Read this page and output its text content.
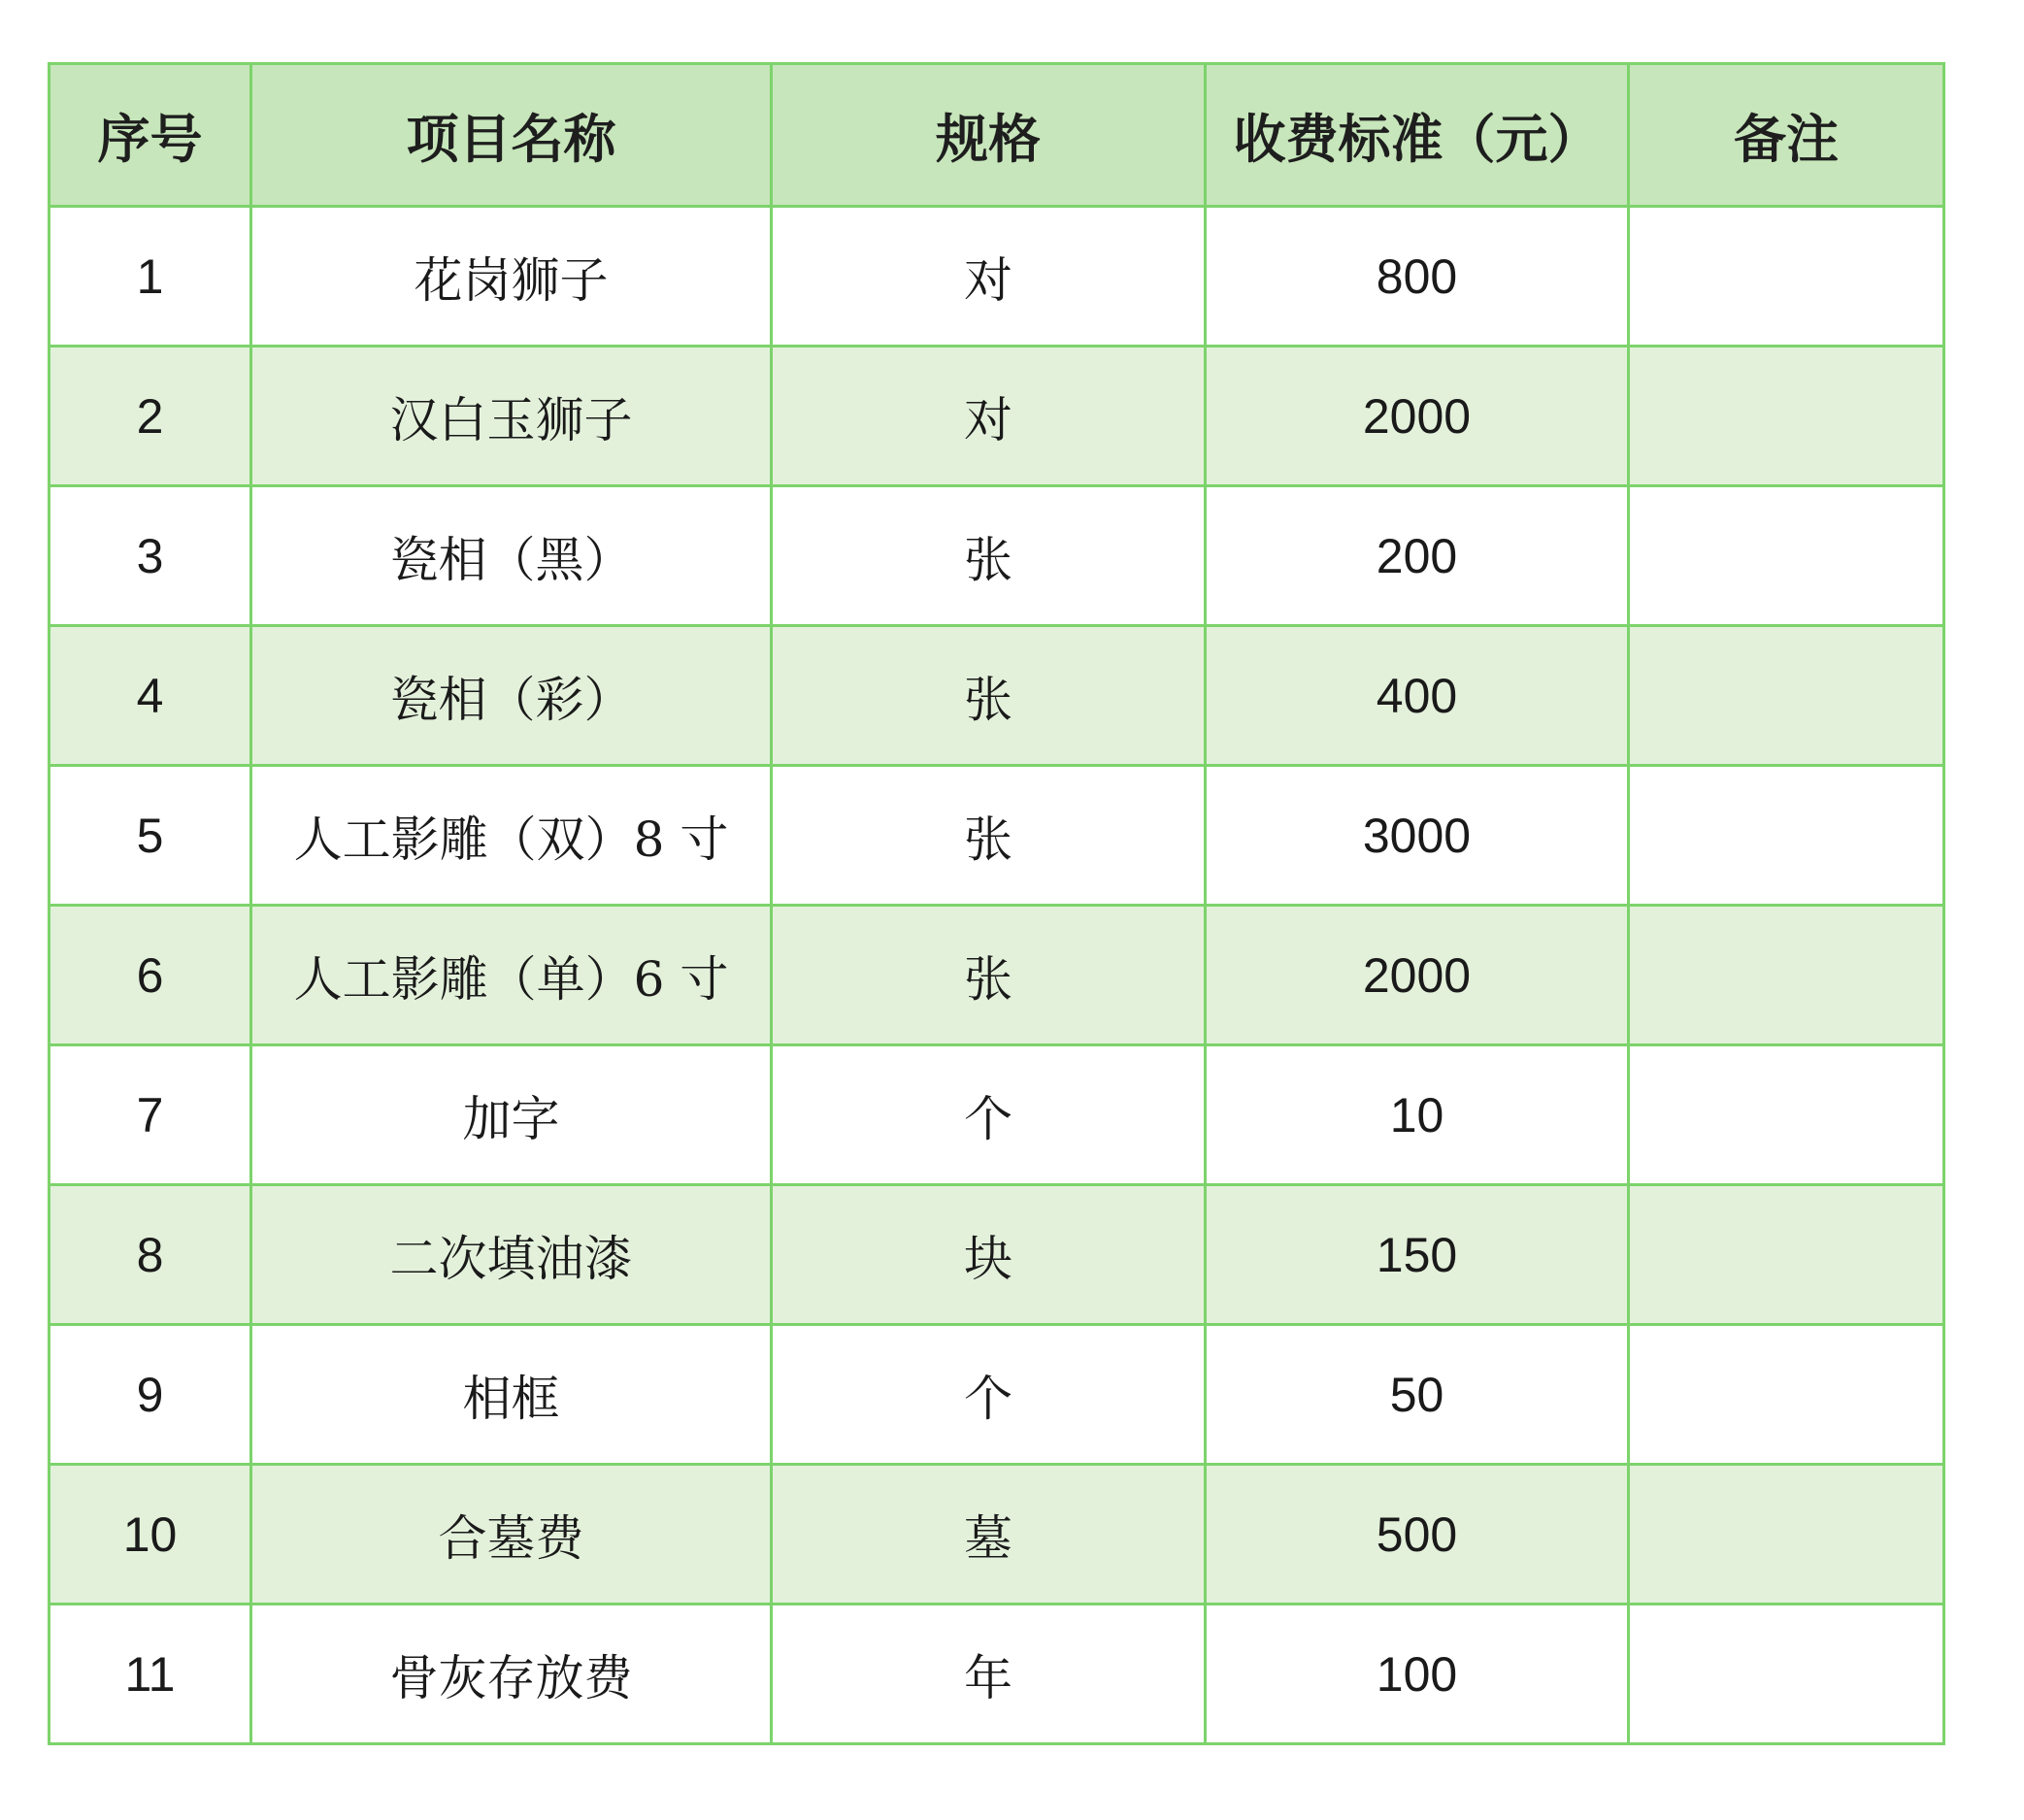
序号	项目名称	规格	收费标准（元）	备注
1	花岗狮子	对	800	
2	汉白玉狮子	对	2000	
3	瓷相（黑）	张	200	
4	瓷相（彩）	张	400	
5	人工影雕（双）8 寸	张	3000	
6	人工影雕（单）6 寸	张	2000	
7	加字	个	10	
8	二次填油漆	块	150	
9	相框	个	50	
10	合墓费	墓	500	
11	骨灰存放费	年	100	
